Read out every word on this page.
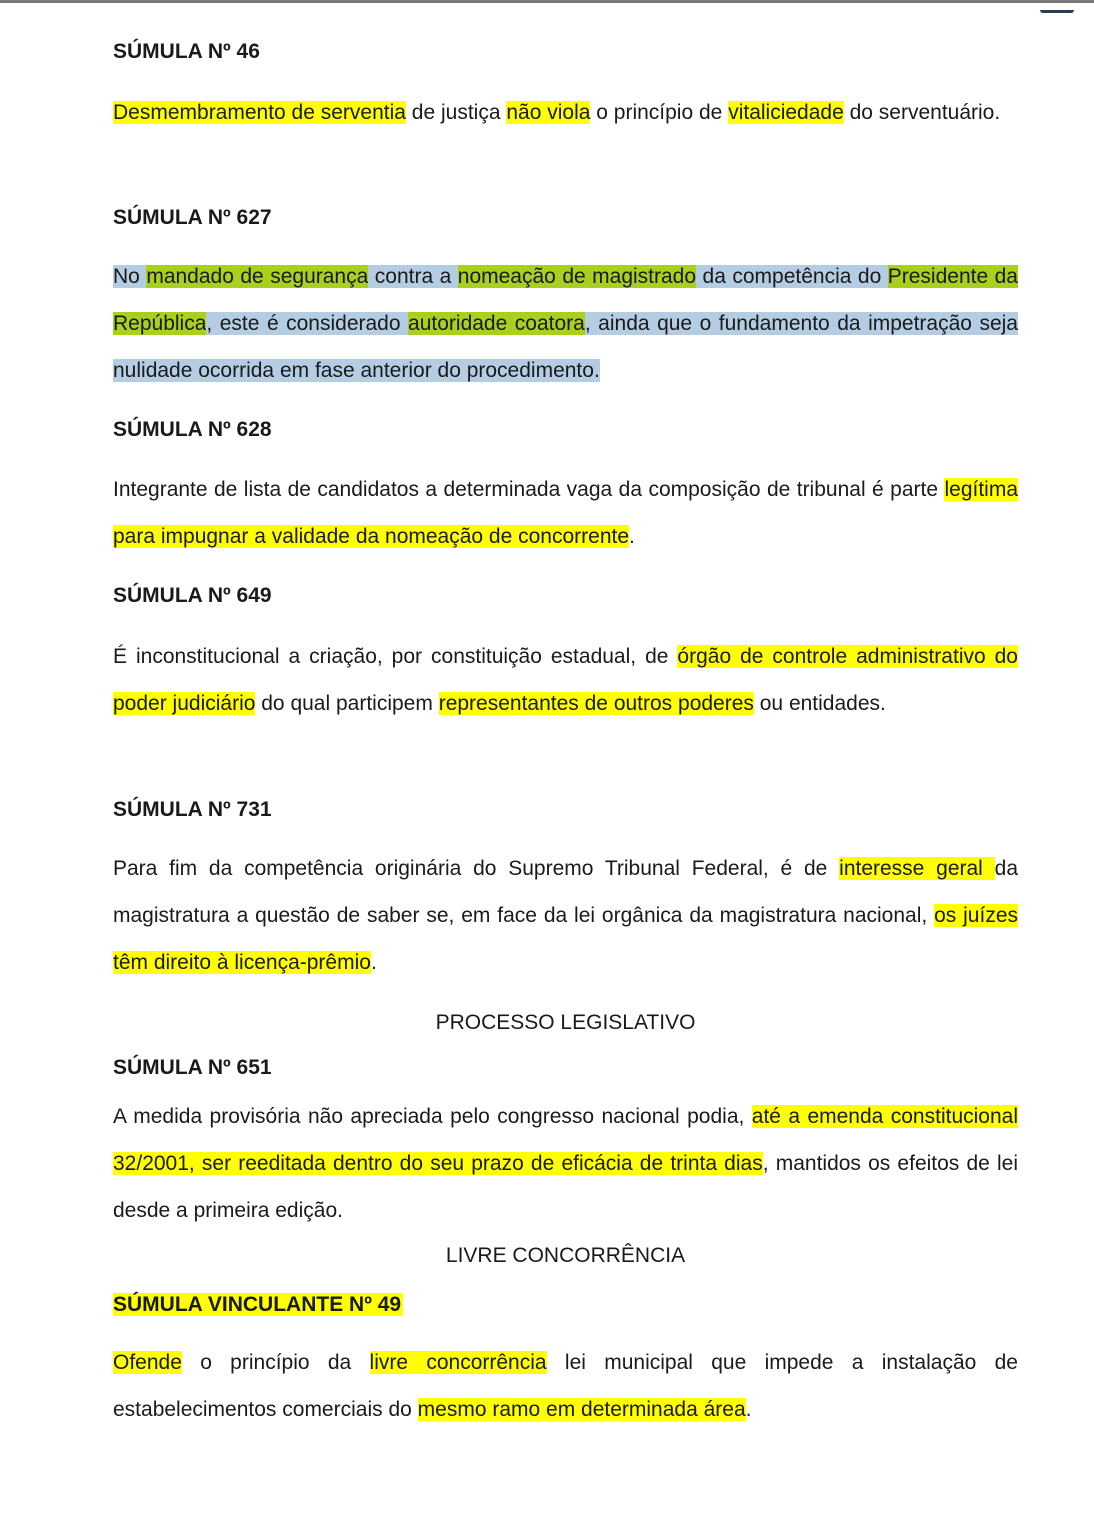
SÚMULA Nº 46
Desmembramento de serventia de justiça não viola o princípio de vitaliciedade do serventuário.
SÚMULA Nº 627
No mandado de segurança contra a nomeação de magistrado da competência do Presidente da República, este é considerado autoridade coatora, ainda que o fundamento da impetração seja nulidade ocorrida em fase anterior do procedimento.
SÚMULA Nº 628
Integrante de lista de candidatos a determinada vaga da composição de tribunal é parte legítima para impugnar a validade da nomeação de concorrente.
SÚMULA Nº 649
É inconstitucional a criação, por constituição estadual, de órgão de controle administrativo do poder judiciário do qual participem representantes de outros poderes ou entidades.
SÚMULA Nº 731
Para fim da competência originária do Supremo Tribunal Federal, é de interesse geral da magistratura a questão de saber se, em face da lei orgânica da magistratura nacional, os juízes têm direito à licença-prêmio.
PROCESSO LEGISLATIVO
SÚMULA Nº 651
A medida provisória não apreciada pelo congresso nacional podia, até a emenda constitucional 32/2001, ser reeditada dentro do seu prazo de eficácia de trinta dias, mantidos os efeitos de lei desde a primeira edição.
LIVRE CONCORRÊNCIA
SÚMULA VINCULANTE Nº 49
Ofende o princípio da livre concorrência lei municipal que impede a instalação de estabelecimentos comerciais do mesmo ramo em determinada área.
